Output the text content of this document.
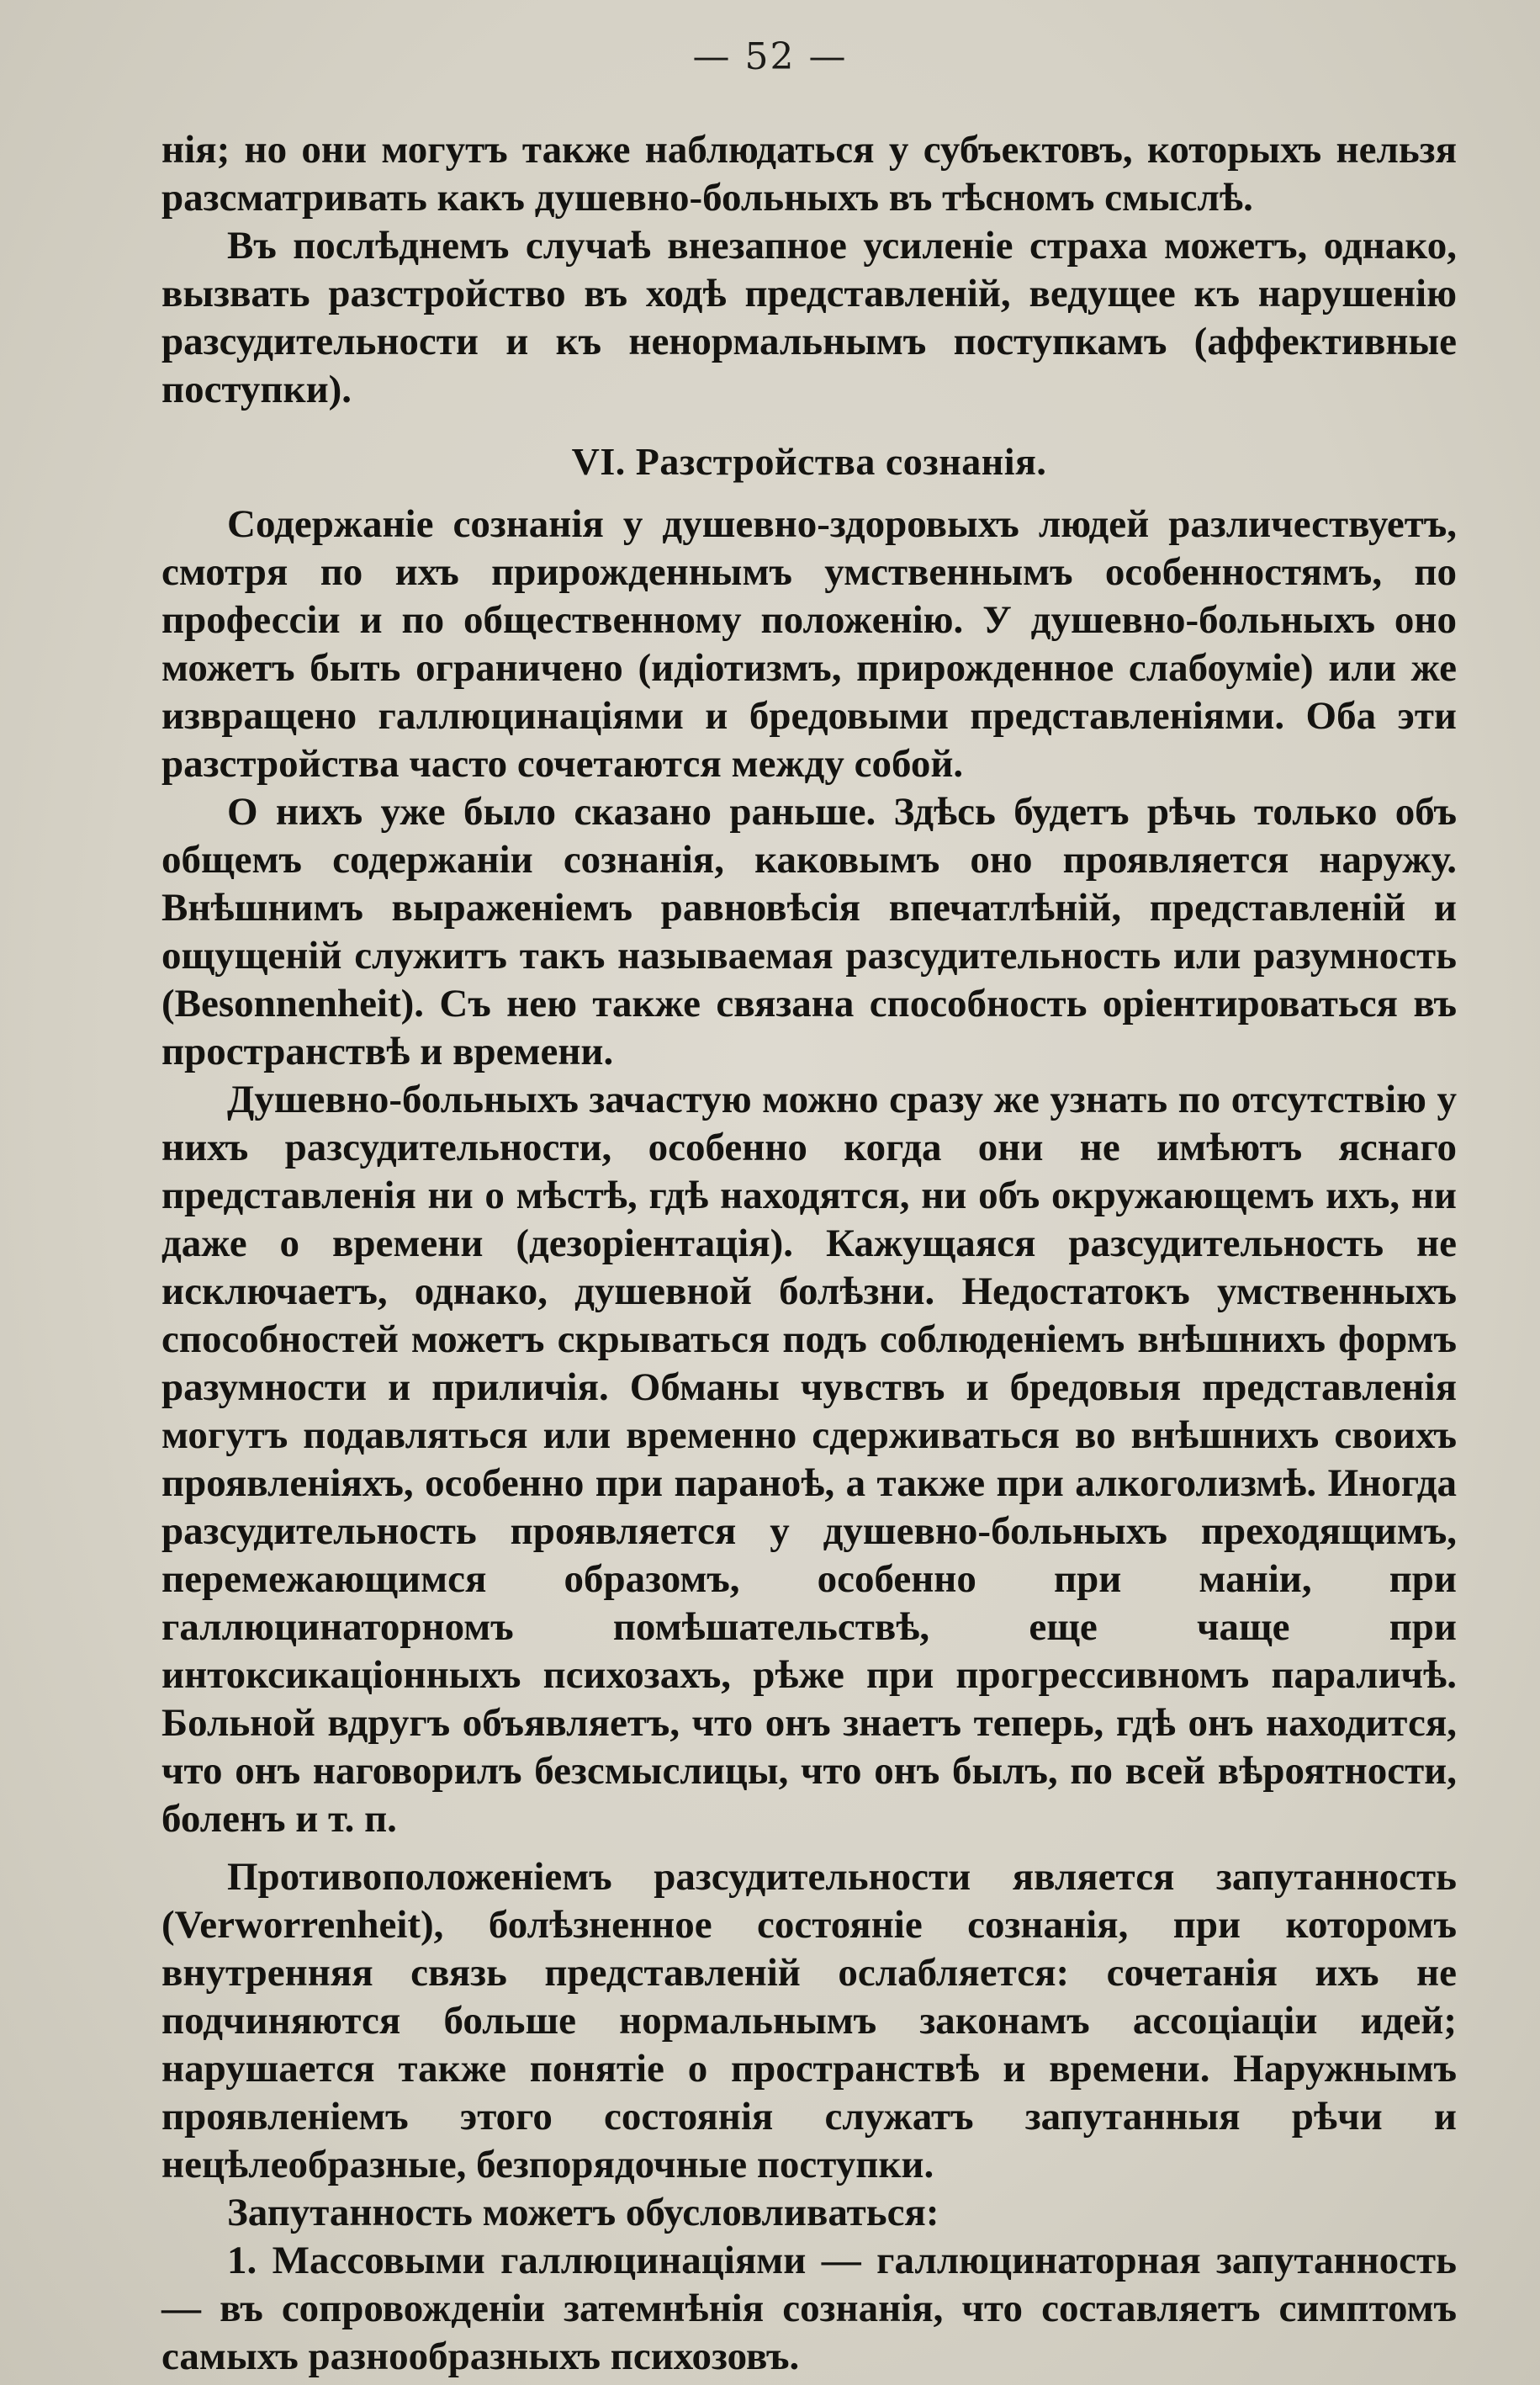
— 52 —

нія; но они могутъ также наблюдаться у субъектовъ, которыхъ нельзя разсматривать какъ душевно-больныхъ въ тѣсномъ смыслѣ.

Въ послѣднемъ случаѣ внезапное усиленіе страха можетъ, однако, вызвать разстройство въ ходѣ представленій, ведущее къ нарушенію разсудительности и къ ненормальнымъ поступкамъ (аффективные поступки).

VI. Разстройства сознанія.

Содержаніе сознанія у душевно-здоровыхъ людей различествуетъ, смотря по ихъ прирожденнымъ умственнымъ особенностямъ, по профессіи и по общественному положенію. У душевно-больныхъ оно можетъ быть ограничено (идіотизмъ, прирожденное слабоуміе) или же извращено галлюцинаціями и бредовыми представленіями. Оба эти разстройства часто сочетаются между собой.

О нихъ уже было сказано раньше. Здѣсь будетъ рѣчь только объ общемъ содержаніи сознанія, каковымъ оно проявляется наружу. Внѣшнимъ выраженіемъ равновѣсія впечатлѣній, представленій и ощущеній служитъ такъ называемая разсудительность или разумность (Besonnenheit). Съ нею также связана способность оріентироваться въ пространствѣ и времени.

Душевно-больныхъ зачастую можно сразу же узнать по отсутствію у нихъ разсудительности, особенно когда они не имѣютъ яснаго представленія ни о мѣстѣ, гдѣ находятся, ни объ окружающемъ ихъ, ни даже о времени (дезоріентація). Кажущаяся разсудительность не исключаетъ, однако, душевной болѣзни. Недостатокъ умственныхъ способностей можетъ скрываться подъ соблюденіемъ внѣшнихъ формъ разумности и приличія. Обманы чувствъ и бредовыя представленія могутъ подавляться или временно сдерживаться во внѣшнихъ своихъ проявленіяхъ, особенно при паранoѣ, а также при алкоголизмѣ. Иногда разсудительность проявляется у душевно-больныхъ преходящимъ, перемежающимся образомъ, особенно при маніи, при галлюцинаторномъ помѣшательствѣ, еще чаще при интоксикаціонныхъ психозахъ, рѣже при прогрессивномъ параличѣ. Больной вдругъ объявляетъ, что онъ знаетъ теперь, гдѣ онъ находится, что онъ наговорилъ безсмыслицы, что онъ былъ, по всей вѣроятности, боленъ и т. п.

Противоположеніемъ разсудительности является запутанность (Verworrenheit), болѣзненное состояніе сознанія, при которомъ внутренняя связь представленій ослабляется: сочетанія ихъ не подчиняются больше нормальнымъ законамъ ассоціаціи идей; нарушается также понятіе о пространствѣ и времени. Наружнымъ проявленіемъ этого состоянія служатъ запутанныя рѣчи и нецѣлеобразные, безпорядочные поступки.

Запутанность можетъ обусловливаться:

1. Массовыми галлюцинаціями — галлюцинаторная запутанность — въ сопровожденіи затемнѣнія сознанія, что составляетъ симптомъ самыхъ разнообразныхъ психозовъ.
